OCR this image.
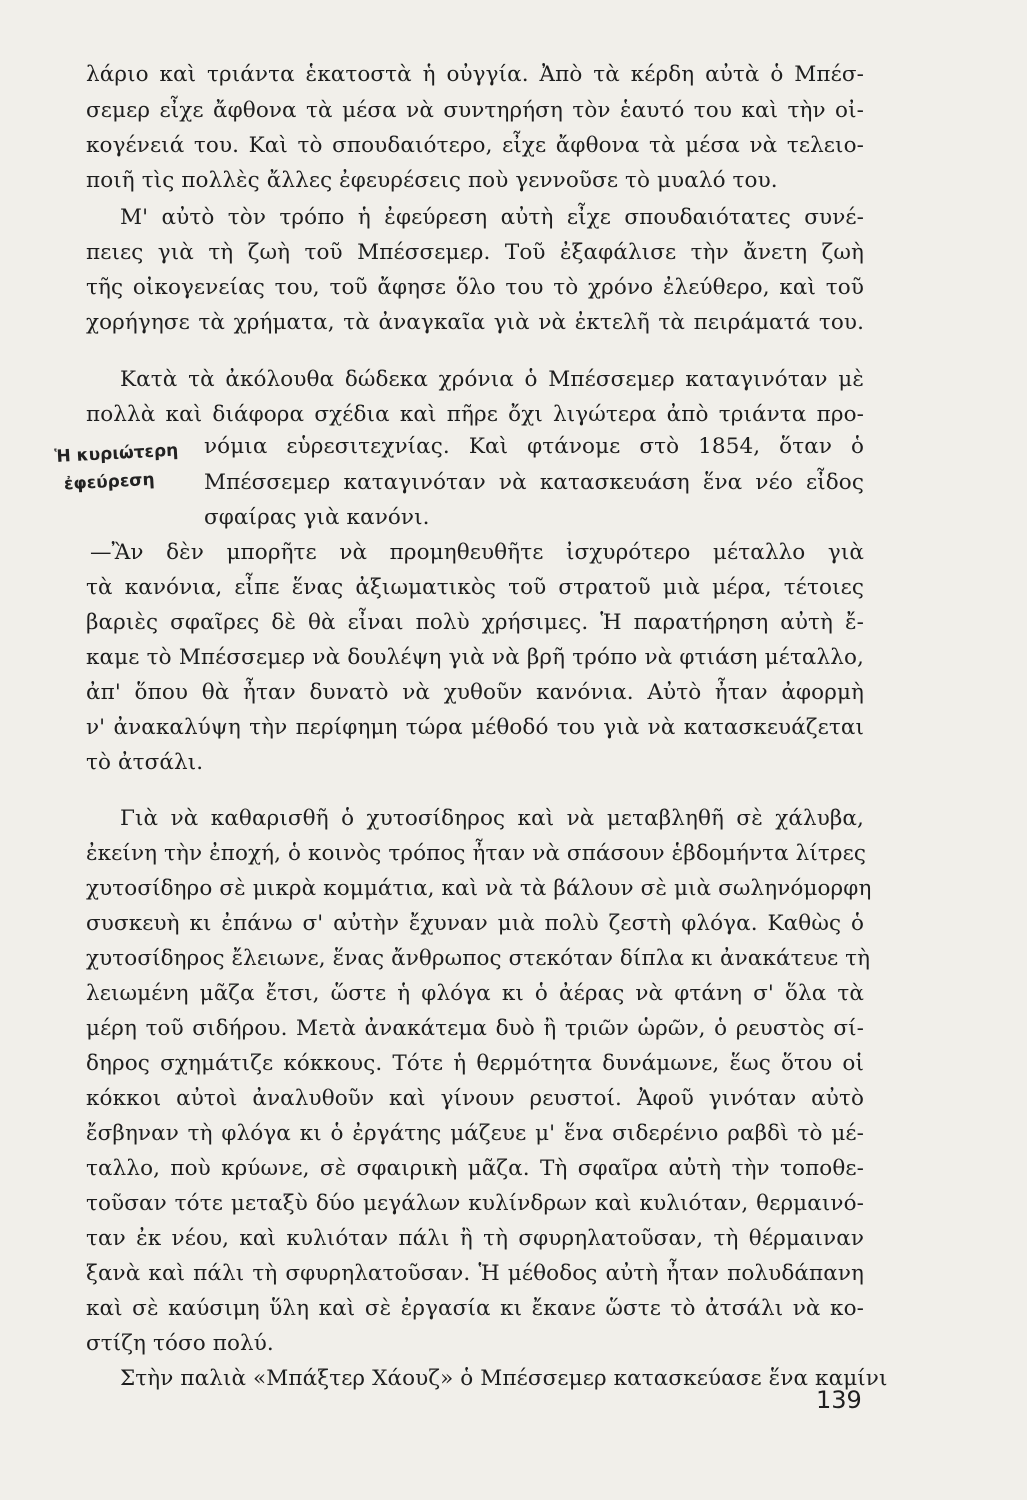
λάριο καὶ τριάντα ἑκατοστὰ ἡ οὐγγία. Ἀπὸ τὰ κέρδη αὐτὰ ὁ Μπέσ-
σεμερ εἶχε ἄφθονα τὰ μέσα νὰ συντηρήση τὸν ἑαυτό του καὶ τὴν οἰ-
κογένειά του. Καὶ τὸ σπουδαιότερο, εἶχε ἄφθονα τὰ μέσα νὰ τελειο-
ποιῆ τὶς πολλὲς ἄλλες ἐφευρέσεις ποὺ γεννοῦσε τὸ μυαλό του.
Μ' αὐτὸ τὸν τρόπο ἡ ἐφεύρεση αὐτὴ εἶχε σπουδαιότατες συνέ-
πειες γιὰ τὴ ζωὴ τοῦ Μπέσσεμερ. Τοῦ ἐξαφάλισε τὴν ἄνετη ζωὴ
τῆς οἰκογενείας του, τοῦ ἄφησε ὅλο του τὸ χρόνο ἐλεύθερο, καὶ τοῦ
χορήγησε τὰ χρήματα, τὰ ἀναγκαῖα γιὰ νὰ ἐκτελῆ τὰ πειράματά του.
Κατὰ τὰ ἀκόλουθα δώδεκα χρόνια ὁ Μπέσσεμερ καταγινόταν μὲ
πολλὰ καὶ διάφορα σχέδια καὶ πῆρε ὄχι λιγώτερα ἀπὸ τριάντα προ-
νόμια εὑρεσιτεχνίας. Καὶ φτάνομε στὸ 1854, ὅταν ὁ
Μπέσσεμερ καταγινόταν νὰ κατασκευάση ἕνα νέο εἶδος
σφαίρας γιὰ κανόνι.
Ἡ κυριώτερη
ἐφεύρεση
—Ἂν δὲν μπορῆτε νὰ προμηθευθῆτε ἰσχυρότερο μέταλλο γιὰ
τὰ κανόνια, εἶπε ἕνας ἀξιωματικὸς τοῦ στρατοῦ μιὰ μέρα, τέτοιες
βαριὲς σφαῖρες δὲ θὰ εἶναι πολὺ χρήσιμες. Ἡ παρατήρηση αὐτὴ ἔ-
καμε τὸ Μπέσσεμερ νὰ δουλέψη γιὰ νὰ βρῆ τρόπο νὰ φτιάση μέταλλο,
ἀπ' ὅπου θὰ ἦταν δυνατὸ νὰ χυθοῦν κανόνια. Αὐτὸ ἦταν ἀφορμὴ
ν' ἀνακαλύψη τὴν περίφημη τώρα μέθοδό του γιὰ νὰ κατασκευάζεται
τὸ ἀτσάλι.
Γιὰ νὰ καθαρισθῆ ὁ χυτοσίδηρος καὶ νὰ μεταβληθῆ σὲ χάλυβα,
ἐκείνη τὴν ἐποχή, ὁ κοινὸς τρόπος ἦταν νὰ σπάσουν ἑβδομήντα λίτρες
χυτοσίδηρο σὲ μικρὰ κομμάτια, καὶ νὰ τὰ βάλουν σὲ μιὰ σωληνόμορφη
συσκευὴ κι ἐπάνω σ' αὐτὴν ἔχυναν μιὰ πολὺ ζεστὴ φλόγα. Καθὼς ὁ
χυτοσίδηρος ἔλειωνε, ἕνας ἄνθρωπος στεκόταν δίπλα κι ἀνακάτευε τὴ
λειωμένη μᾶζα ἔτσι, ὥστε ἡ φλόγα κι ὁ ἀέρας νὰ φτάνη σ' ὅλα τὰ
μέρη τοῦ σιδήρου. Μετὰ ἀνακάτεμα δυὸ ἢ τριῶν ὡρῶν, ὁ ρευστὸς σί-
δηρος σχημάτιζε κόκκους. Τότε ἡ θερμότητα δυνάμωνε, ἕως ὅτου οἱ
κόκκοι αὐτοὶ ἀναλυθοῦν καὶ γίνουν ρευστοί. Ἀφοῦ γινόταν αὐτὸ
ἔσβηναν τὴ φλόγα κι ὁ ἐργάτης μάζευε μ' ἕνα σιδερένιο ραβδὶ τὸ μέ-
ταλλο, ποὺ κρύωνε, σὲ σφαιρικὴ μᾶζα. Τὴ σφαῖρα αὐτὴ τὴν τοποθε-
τοῦσαν τότε μεταξὺ δύο μεγάλων κυλίνδρων καὶ κυλιόταν, θερμαινό-
ταν ἐκ νέου, καὶ κυλιόταν πάλι ἢ τὴ σφυρηλατοῦσαν, τὴ θέρμαιναν
ξανὰ καὶ πάλι τὴ σφυρηλατοῦσαν. Ἡ μέθοδος αὐτὴ ἦταν πολυδάπανη
καὶ σὲ καύσιμη ὕλη καὶ σὲ ἐργασία κι ἔκανε ὥστε τὸ ἀτσάλι νὰ κο-
στίζη τόσο πολύ.
Στὴν παλιὰ «Μπάξτερ Χάουζ» ὁ Μπέσσεμερ κατασκεύασε ἕνα καμίνι
139
